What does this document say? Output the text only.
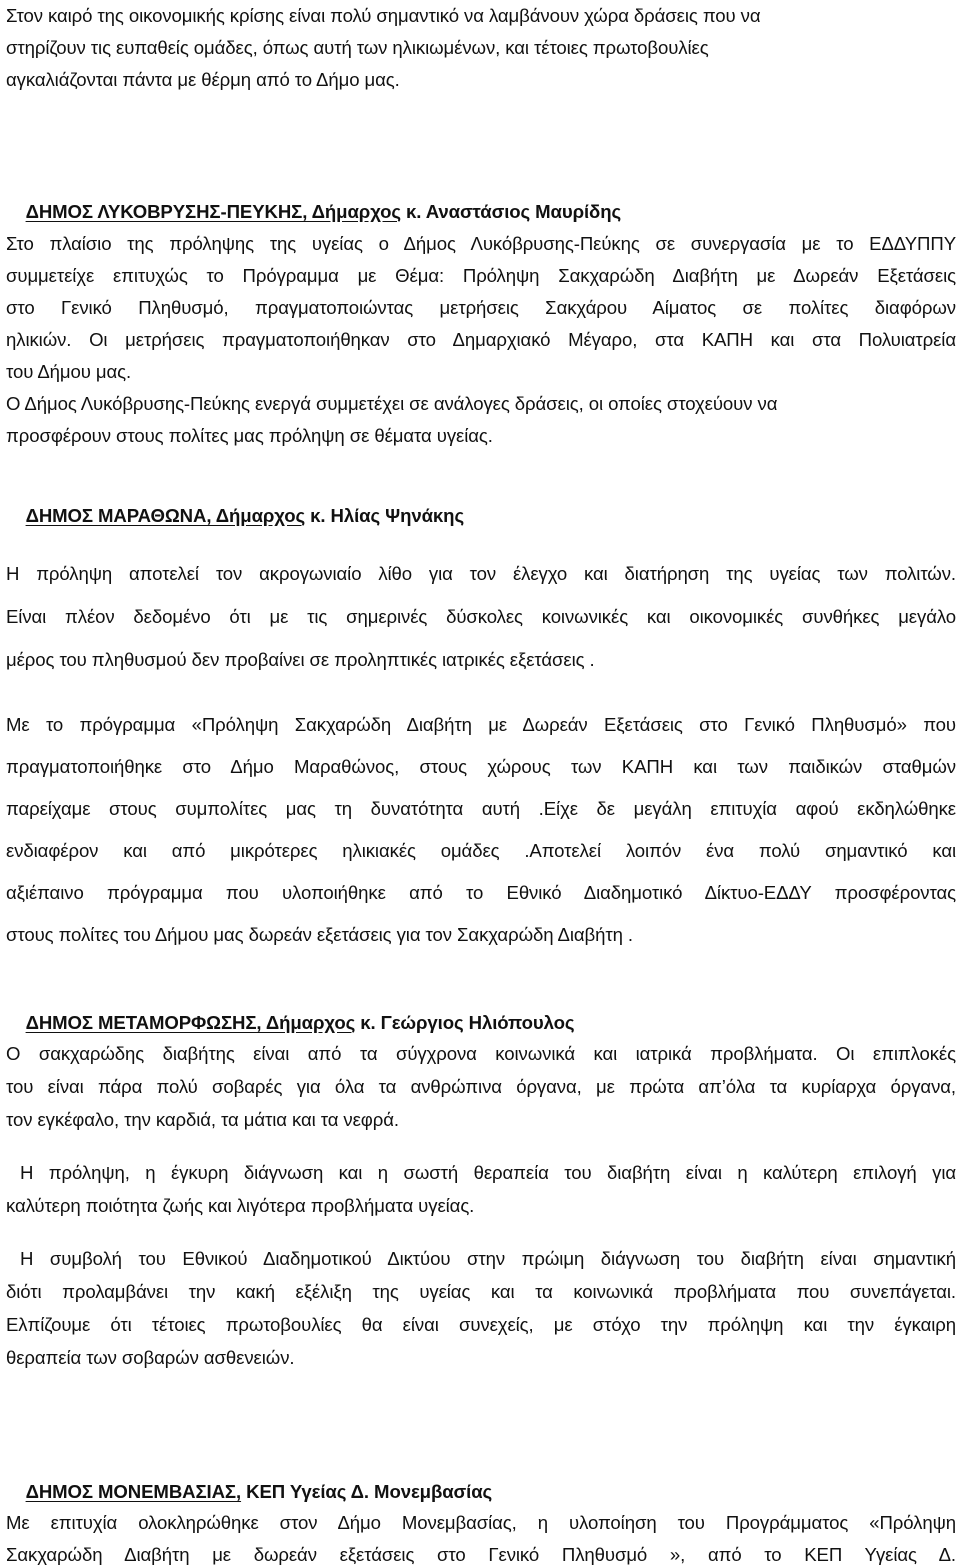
Στον καιρό της οικονομικής κρίσης είναι πολύ σημαντικό να λαμβάνουν χώρα δράσεις που να
στηρίζουν τις ευπαθείς ομάδες, όπως αυτή των ηλικιωμένων, και τέτοιες πρωτοβουλίες
αγκαλιάζονται πάντα με θέρμη από το Δήμο μας.

ΔΗΜΟΣ ΛΥΚΟΒΡΥΣΗΣ-ΠΕΥΚΗΣ, Δήμαρχος κ. Αναστάσιος Μαυρίδης
Στο πλαίσιο της πρόληψης της υγείας ο Δήμος Λυκόβρυσης-Πεύκης σε συνεργασία με το ΕΔΔΥΠΠΥ
συμμετείχε επιτυχώς το Πρόγραμμα με Θέμα: Πρόληψη Σακχαρώδη Διαβήτη με Δωρεάν Εξετάσεις
στο Γενικό Πληθυσμό, πραγματοποιώντας μετρήσεις Σακχάρου Αίματος σε πολίτες διαφόρων
ηλικιών. Οι μετρήσεις πραγματοποιήθηκαν στο Δημαρχιακό Μέγαρο, στα ΚΑΠΗ και στα Πολυιατρεία
του Δήμου μας.
Ο Δήμος Λυκόβρυσης-Πεύκης ενεργά συμμετέχει σε ανάλογες δράσεις, οι οποίες στοχεύουν να
προσφέρουν στους πολίτες μας πρόληψη σε θέματα υγείας.

ΔΗΜΟΣ ΜΑΡΑΘΩΝΑ, Δήμαρχος κ. Ηλίας Ψηνάκης
Η πρόληψη αποτελεί τον ακρογωνιαίο λίθο για τον έλεγχο και διατήρηση της υγείας των πολιτών.
Είναι πλέον δεδομένο ότι με τις σημερινές δύσκολες κοινωνικές και οικονομικές συνθήκες μεγάλο
μέρος του πληθυσμού δεν προβαίνει σε προληπτικές ιατρικές εξετάσεις .
Με το πρόγραμμα «Πρόληψη Σακχαρώδη Διαβήτη με Δωρεάν Εξετάσεις στο Γενικό Πληθυσμό» που
πραγματοποιήθηκε στο Δήμο Μαραθώνος, στους χώρους των ΚΑΠΗ και των παιδικών σταθμών
παρείχαμε στους συμπολίτες μας τη δυνατότητα αυτή .Είχε δε μεγάλη επιτυχία αφού εκδηλώθηκε
ενδιαφέρον και από μικρότερες ηλικιακές ομάδες .Αποτελεί λοιπόν ένα πολύ σημαντικό και
αξιέπαινο πρόγραμμα που υλοποιήθηκε από το Εθνικό Διαδημοτικό Δίκτυο-ΕΔΔΥ προσφέροντας
στους πολίτες του Δήμου μας δωρεάν εξετάσεις για τον Σακχαρώδη Διαβήτη .

ΔΗΜΟΣ ΜΕΤΑΜΟΡΦΩΣΗΣ, Δήμαρχος κ. Γεώργιος Ηλιόπουλος
Ο σακχαρώδης διαβήτης είναι από τα σύγχρονα κοινωνικά και ιατρικά προβλήματα. Οι επιπλοκές
του είναι πάρα πολύ σοβαρές για όλα τα ανθρώπινα όργανα, με πρώτα απ’όλα τα κυρίαρχα όργανα,
τον εγκέφαλο, την καρδιά, τα μάτια και τα νεφρά.
Η πρόληψη, η έγκυρη διάγνωση και η σωστή θεραπεία του διαβήτη είναι η καλύτερη επιλογή για
καλύτερη ποιότητα ζωής και λιγότερα προβλήματα υγείας.
Η συμβολή του Εθνικού Διαδημοτικού Δικτύου στην πρώιμη διάγνωση του διαβήτη είναι σημαντική
διότι προλαμβάνει την κακή εξέλιξη της υγείας και τα κοινωνικά προβλήματα που συνεπάγεται.
Ελπίζουμε ότι τέτοιες πρωτοβουλίες θα είναι συνεχείς, με στόχο την πρόληψη και την έγκαιρη
θεραπεία των σοβαρών ασθενειών.

ΔΗΜΟΣ ΜΟΝΕΜΒΑΣΙΑΣ, ΚΕΠ Υγείας Δ. Μονεμβασίας
Με επιτυχία ολοκληρώθηκε στον Δήμο Μονεμβασίας, η υλοποίηση του Προγράμματος «Πρόληψη
Σακχαρώδη Διαβήτη με δωρεάν εξετάσεις στο Γενικό Πληθυσμό », από το ΚΕΠ Υγείας Δ.
